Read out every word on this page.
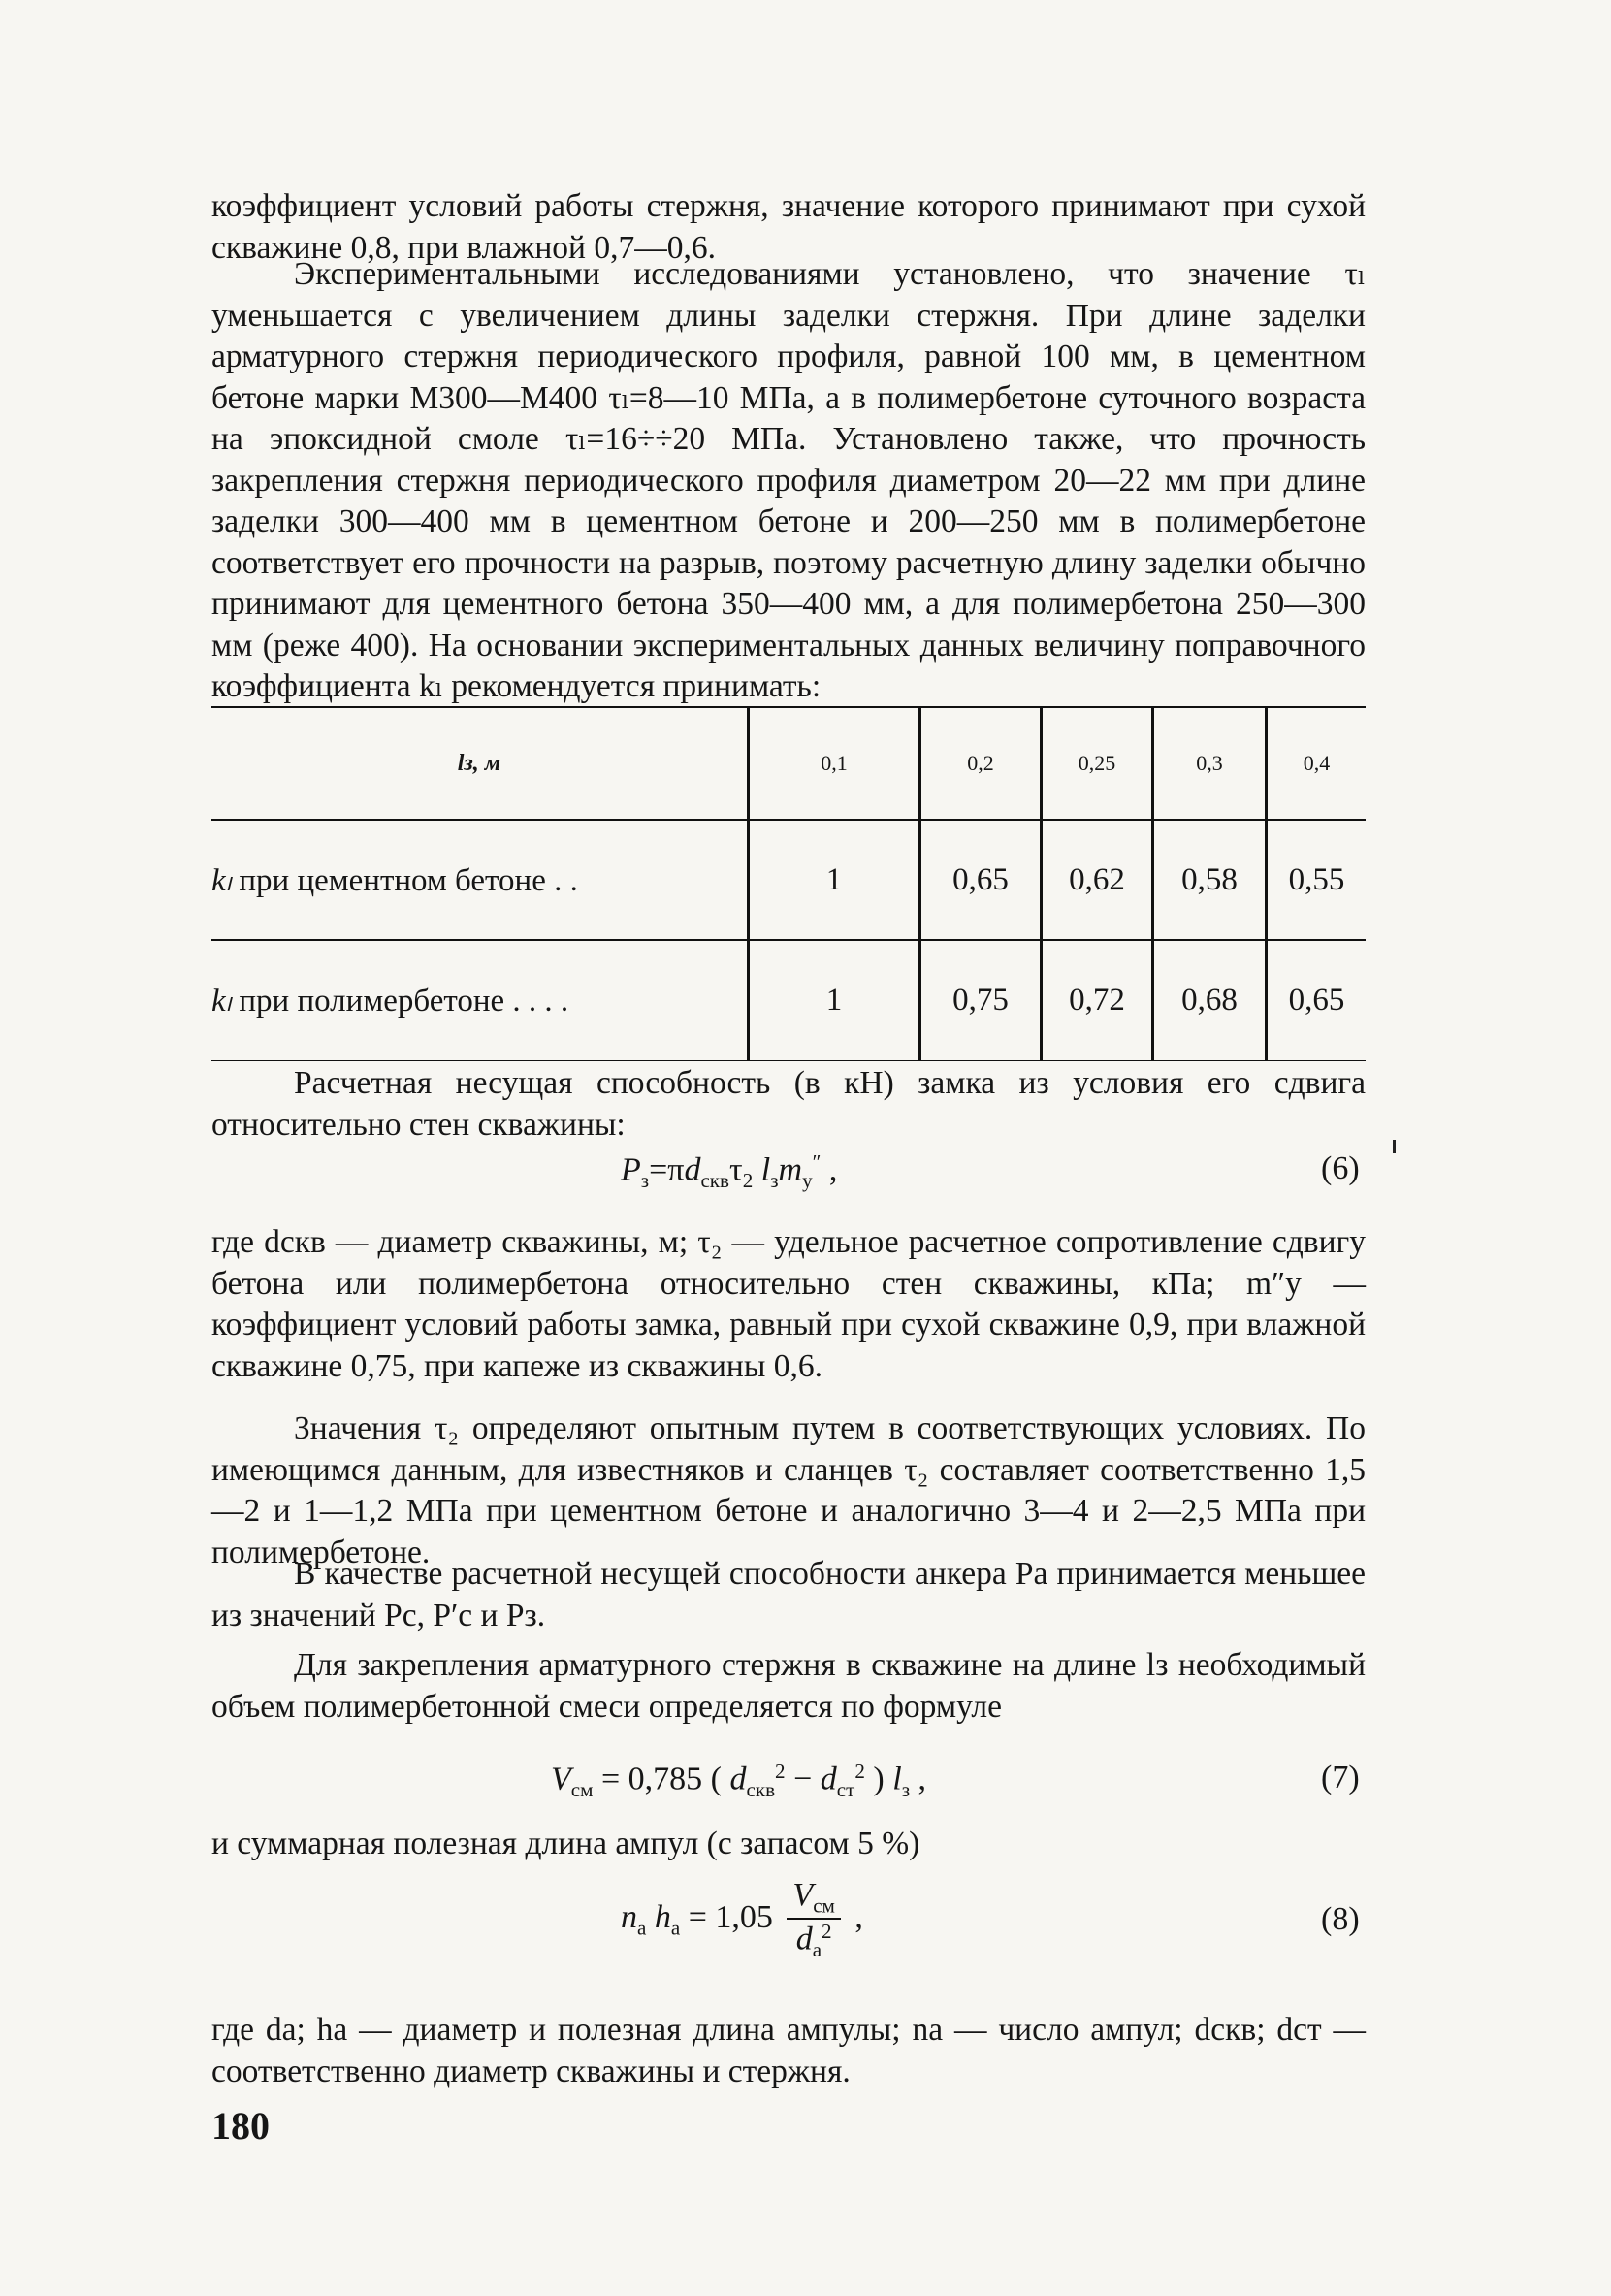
коэффициент условий работы стержня, значение которого принимают при сухой скважине 0,8, при влажной 0,7—0,6.

Экспериментальными исследованиями установлено, что значение τₗ уменьшается с увеличением длины заделки стержня. При длине заделки арматурного стержня периодического профиля, равной 100 мм, в цементном бетоне марки М300—М400 τₗ=8—10 МПа, а в полимербетоне суточного возраста на эпоксидной смоле τₗ=16÷÷20 МПа. Установлено также, что прочность закрепления стержня периодического профиля диаметром 20—22 мм при длине заделки 300—400 мм в цементном бетоне и 200—250 мм в полимербетоне соответствует его прочности на разрыв, поэтому расчетную длину заделки обычно принимают для цементного бетона 350—400 мм, а для полимербетона 250—300 мм (реже 400). На основании экспериментальных данных величину поправочного коэффициента kₗ рекомендуется принимать:

lз, м	0,1	0,2	0,25	0,3	0,4
kₗ при цементном бетоне . .	1	0,65	0,62	0,58	0,55
kₗ при полимербетоне . . . .	1	0,75	0,72	0,68	0,65

Расчетная несущая способность (в кН) замка из условия его сдвига относительно стен скважины:

$P_з=\pi d_{скв}\tau_2$ $l_зm_у''$ ,	(6)

где dскв — диаметр скважины, м; τ₂ — удельное расчетное сопротивление сдвигу бетона или полимербетона относительно стен скважины, кПа; m″у — коэффициент условий работы замка, равный при сухой скважине 0,9, при влажной скважине 0,75, при капеже из скважины 0,6.

Значения τ₂ определяют опытным путем в соответствующих условиях. По имеющимся данным, для известняков и сланцев τ₂ составляет соответственно 1,5—2 и 1—1,2 МПа при цементном бетоне и аналогично 3—4 и 2—2,5 МПа при полимербетоне.

В качестве расчетной несущей способности анкера Pа принимается меньшее из значений Pс, P′с и Pз.

Для закрепления арматурного стержня в скважине на длине lз необходимый объем полимербетонной смеси определяется по формуле

$V_{см} = 0,785$ ( $d_{скв}^2 - d_{ст}^2$ ) $l_з$ ,	(7)

и суммарная полезная длина ампул (с запасом 5 %)

$n_а$ $h_а = 1,05 \frac{V_{см}}{d_а^2}$ ,	(8)

где dа; hа — диаметр и полезная длина ампулы; nа — число ампул; dскв; dст — соответственно диаметр скважины и стержня.

180
